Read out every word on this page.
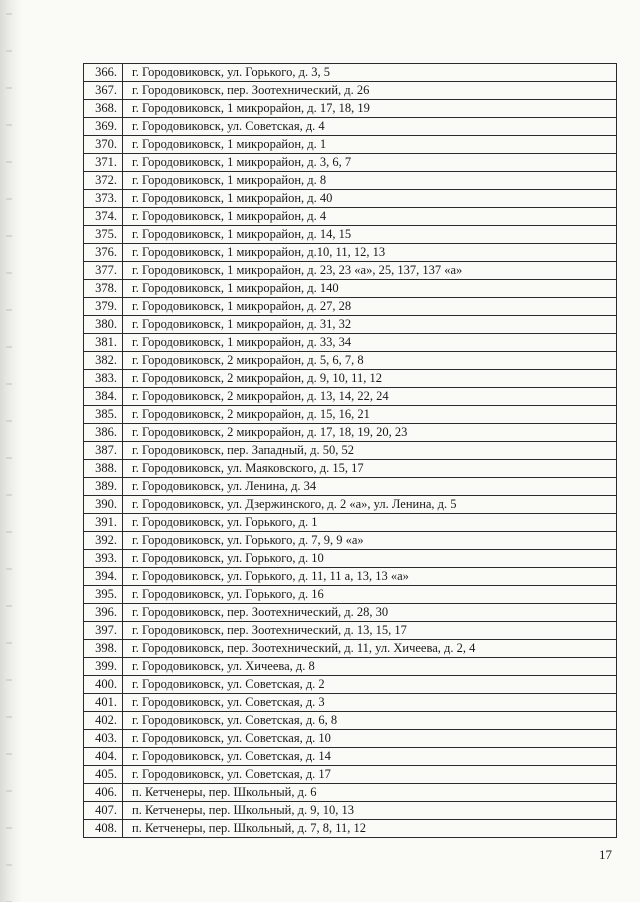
366.	г. Городовиковск, ул. Горького, д. 3, 5
367.	г. Городовиковск, пер. Зоотехнический, д. 26
368.	г. Городовиковск, 1 микрорайон, д. 17, 18, 19
369.	г. Городовиковск, ул. Советская, д. 4
370.	г. Городовиковск, 1 микрорайон, д. 1
371.	г. Городовиковск, 1 микрорайон, д. 3, 6, 7
372.	г. Городовиковск, 1 микрорайон, д. 8
373.	г. Городовиковск, 1 микрорайон, д. 40
374.	г. Городовиковск, 1 микрорайон, д. 4
375.	г. Городовиковск, 1 микрорайон, д. 14, 15
376.	г. Городовиковск, 1 микрорайон, д.10, 11, 12, 13
377.	г. Городовиковск, 1 микрорайон, д. 23, 23 «а», 25, 137, 137 «а»
378.	г. Городовиковск, 1 микрорайон, д. 140
379.	г. Городовиковск, 1 микрорайон, д. 27, 28
380.	г. Городовиковск, 1 микрорайон, д. 31, 32
381.	г. Городовиковск, 1 микрорайон, д. 33, 34
382.	г. Городовиковск, 2 микрорайон, д. 5, 6, 7, 8
383.	г. Городовиковск, 2 микрорайон, д. 9, 10, 11, 12
384.	г. Городовиковск, 2 микрорайон, д. 13, 14, 22, 24
385.	г. Городовиковск, 2 микрорайон, д. 15, 16, 21
386.	г. Городовиковск, 2 микрорайон, д. 17, 18, 19, 20, 23
387.	г. Городовиковск, пер. Западный, д. 50, 52
388.	г. Городовиковск, ул. Маяковского, д. 15, 17
389.	г. Городовиковск, ул. Ленина, д. 34
390.	г. Городовиковск, ул. Дзержинского, д. 2 «а», ул. Ленина, д. 5
391.	г. Городовиковск, ул. Горького, д. 1
392.	г. Городовиковск, ул. Горького, д. 7, 9, 9 «а»
393.	г. Городовиковск, ул. Горького, д. 10
394.	г. Городовиковск, ул. Горького, д. 11, 11 а, 13, 13 «а»
395.	г. Городовиковск, ул. Горького, д. 16
396.	г. Городовиковск, пер. Зоотехнический, д. 28, 30
397.	г. Городовиковск, пер. Зоотехнический, д. 13, 15, 17
398.	г. Городовиковск, пер. Зоотехнический, д. 11, ул. Хичеева, д. 2, 4
399.	г. Городовиковск, ул. Хичеева, д. 8
400.	г. Городовиковск, ул. Советская, д. 2
401.	г. Городовиковск, ул. Советская, д. 3
402.	г. Городовиковск, ул. Советская, д. 6, 8
403.	г. Городовиковск, ул. Советская, д. 10
404.	г. Городовиковск, ул. Советская, д. 14
405.	г. Городовиковск, ул. Советская, д. 17
406.	п. Кетченеры, пер. Школьный, д. 6
407.	п. Кетченеры, пер. Школьный, д. 9, 10, 13
408.	п. Кетченеры, пер. Школьный, д. 7, 8, 11, 12
17
